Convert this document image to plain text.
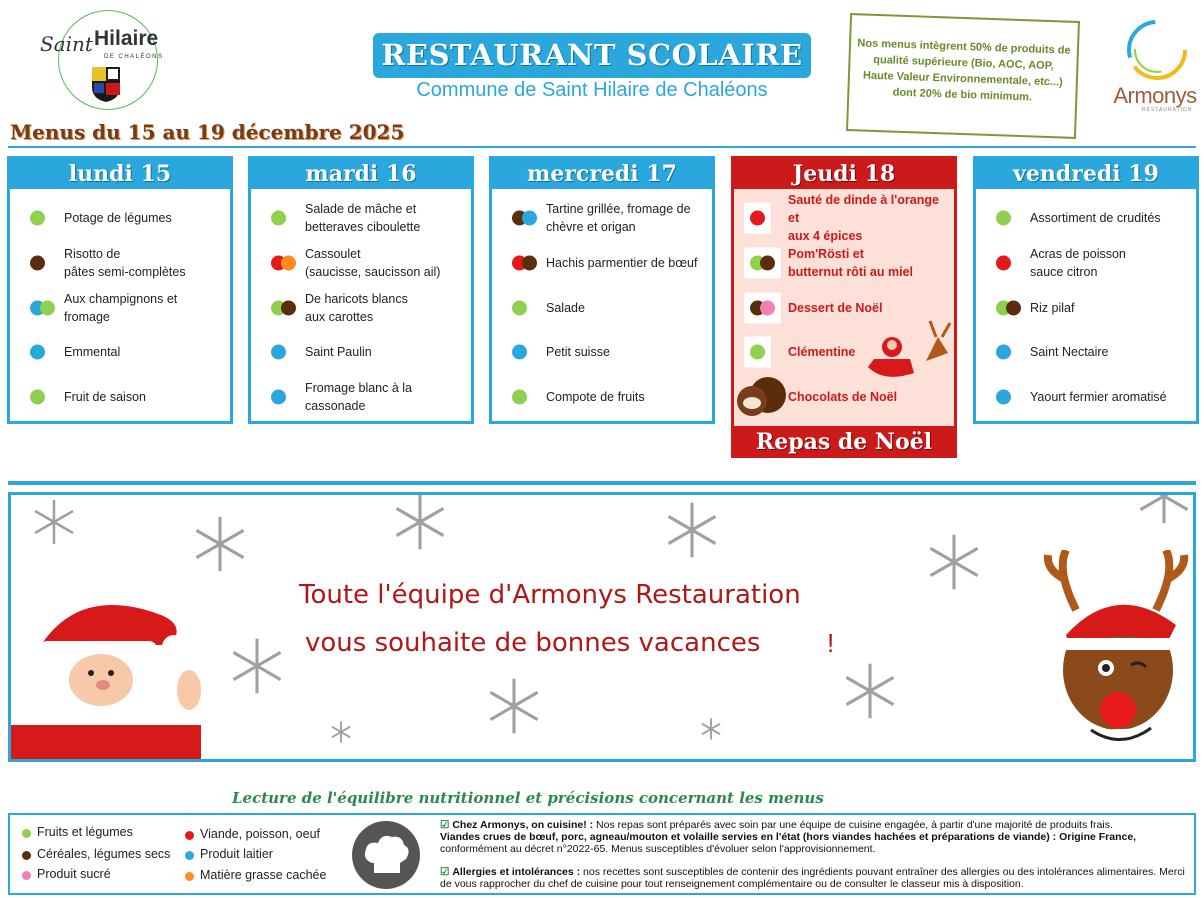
Saint Hilaire
DE CHALÉONS	RESTAURANT SCOLAIRE
Commune de Saint Hilaire de Chaléons
Nos menus intègrent 50% de produits de qualité supérieure (Bio, AOC, AOP, Haute Valeur Environnementale, etc...) dont 20% de bio minimum.	Armonys
RESTAURATION
Menus du 15 au 19 décembre 2025
lundi 15
Potage de légumes
Risotto de
pâtes semi-complètes
Aux champignons et
fromage
Emmental
Fruit de saison
mardi 16
Salade de mâche et
betteraves ciboulette
Cassoulet
(saucisse, saucisson ail)
De haricots blancs
aux carottes
Saint Paulin
Fromage blanc à la
cassonade
mercredi 17
Tartine grillée, fromage de
chèvre et origan
Hachis parmentier de bœuf
Salade
Petit suisse
Compote de fruits
Jeudi 18
Sauté de dinde à l'orange et
aux 4 épices
Pom'Rösti et
butternut rôti au miel
Dessert de Noël
Clémentine
Chocolats de Noël
Repas de Noël
vendredi 19
Assortiment de crudités
Acras de poisson
sauce citron
Riz pilaf
Saint Nectaire
Yaourt fermier aromatisé
Toute l'équipe d'Armonys Restauration
vous souhaite de bonnes vacances	!
Lecture de l'équilibre nutritionnel et précisions concernant les menus
Fruits et légumes
Céréales, légumes secs
Produit sucré
Viande, poisson, oeuf
Produit laitier
Matière grasse cachée
☑ Chez Armonys, on cuisine! : Nos repas sont préparés avec soin par une équipe de cuisine engagée, à partir d'une majorité de produits frais.
Viandes crues de bœuf, porc, agneau/mouton et volaille servies en l'état (hors viandes hachées et préparations de viande) : Origine France,
conformément au décret n°2022-65. Menus susceptibles d'évoluer selon l'approvisionnement.
☑ Allergies et intolérances : nos recettes sont susceptibles de contenir des ingrédients pouvant entraîner des allergies ou des intolérances alimentaires. Merci de vous rapprocher du chef de cuisine pour tout renseignement complémentaire ou de consulter le classeur mis à disposition.
